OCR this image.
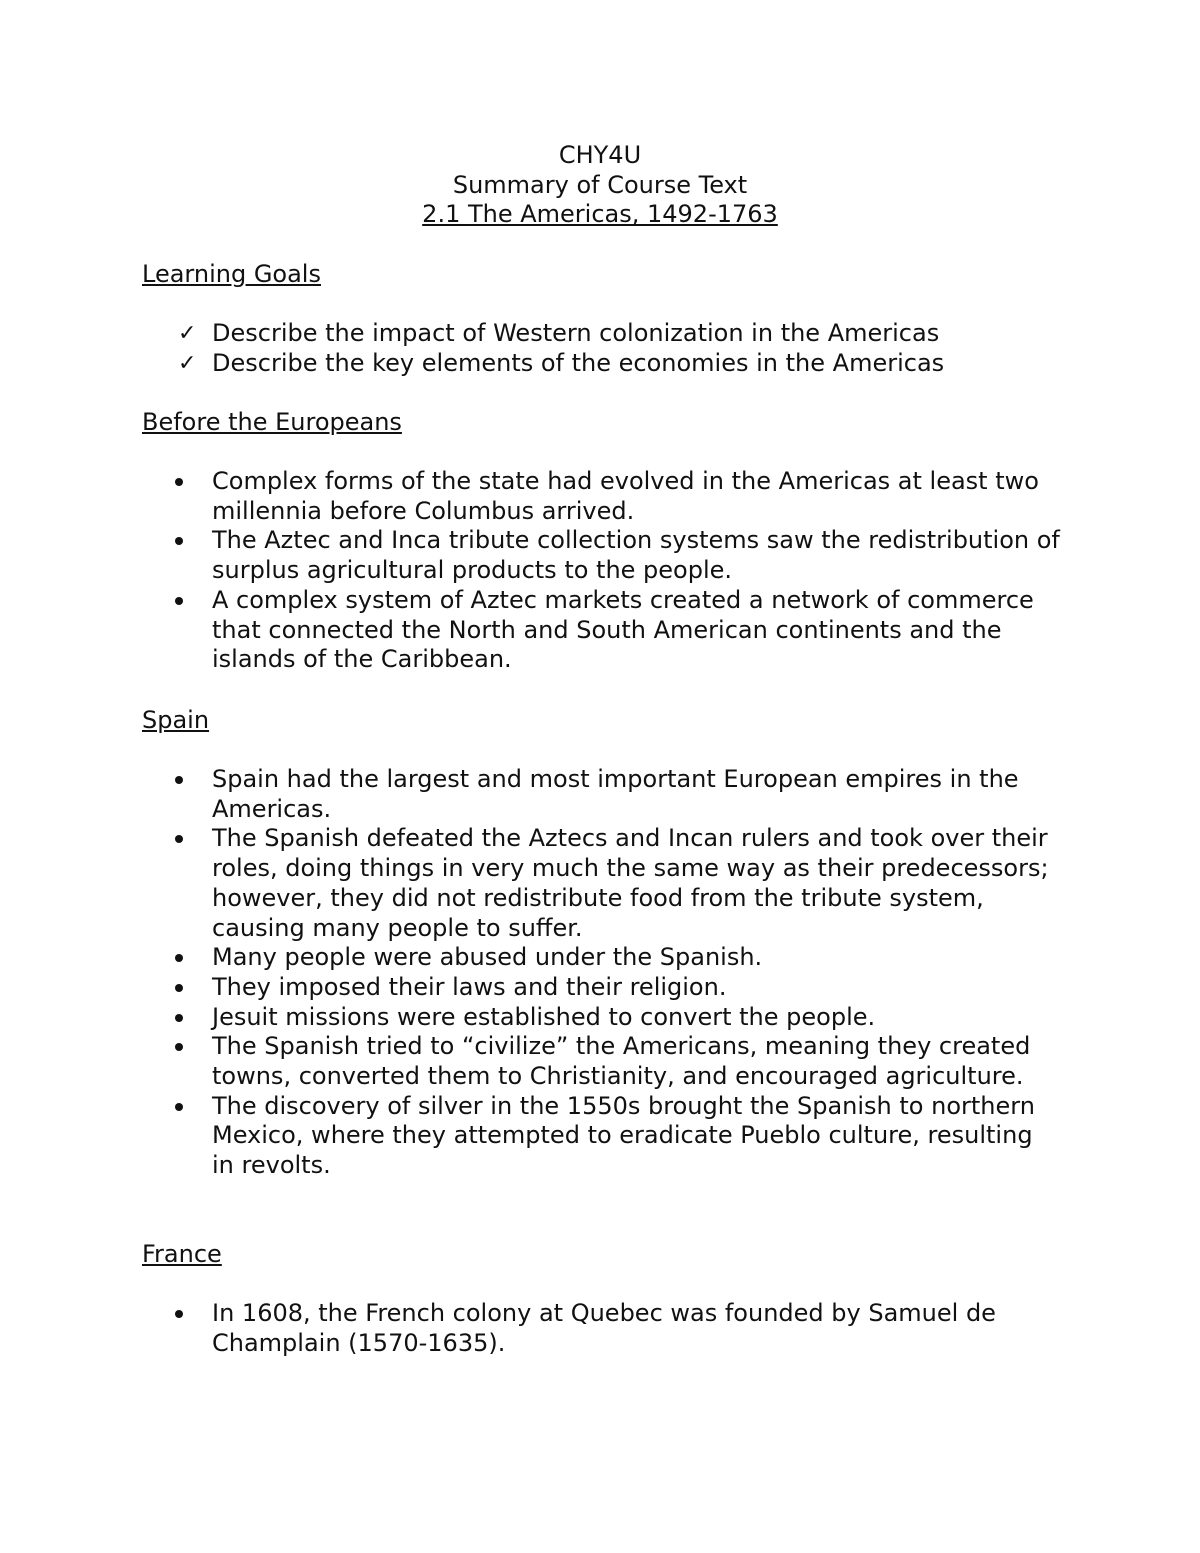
CHY4U
Summary of Course Text
2.1 The Americas, 1492-1763
Learning Goals
✓ Describe the impact of Western colonization in the Americas
✓ Describe the key elements of the economies in the Americas
Before the Europeans
Complex forms of the state had evolved in the Americas at least two millennia before Columbus arrived.
The Aztec and Inca tribute collection systems saw the redistribution of surplus agricultural products to the people.
A complex system of Aztec markets created a network of commerce that connected the North and South American continents and the islands of the Caribbean.
Spain
Spain had the largest and most important European empires in the Americas.
The Spanish defeated the Aztecs and Incan rulers and took over their roles, doing things in very much the same way as their predecessors; however, they did not redistribute food from the tribute system, causing many people to suffer.
Many people were abused under the Spanish.
They imposed their laws and their religion.
Jesuit missions were established to convert the people.
The Spanish tried to “civilize” the Americans, meaning they created towns, converted them to Christianity, and encouraged agriculture.
The discovery of silver in the 1550s brought the Spanish to northern Mexico, where they attempted to eradicate Pueblo culture, resulting in revolts.
France
In 1608, the French colony at Quebec was founded by Samuel de Champlain (1570-1635).
